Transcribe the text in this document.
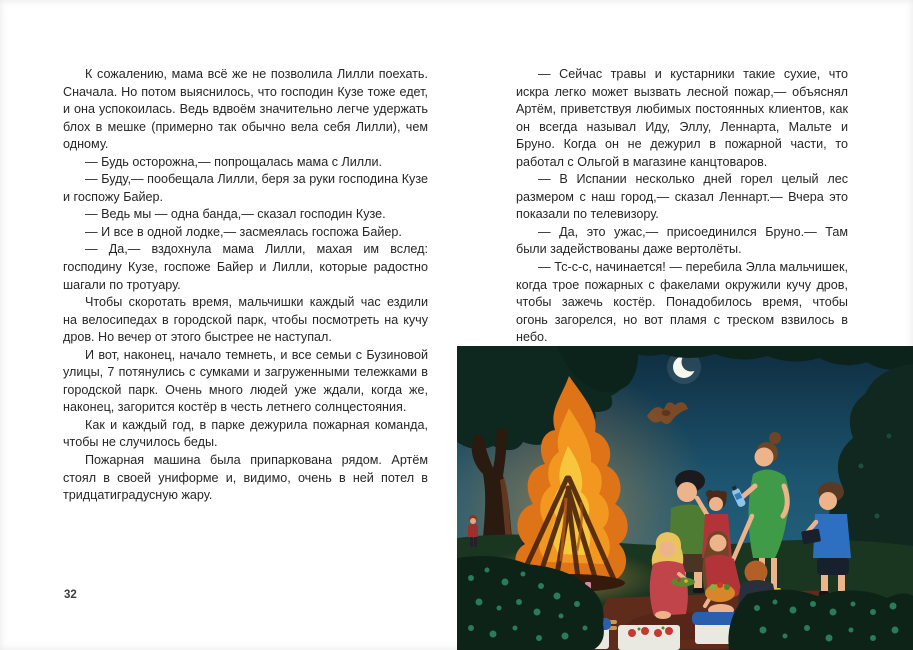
К сожалению, мама всё же не позволила Лилли поехать. Сначала. Но потом выяснилось, что господин Кузе тоже едет, и она успокоилась. Ведь вдвоём значительно легче удержать блох в мешке (примерно так обычно вела себя Лилли), чем одному.

— Будь осторожна,— попрощалась мама с Лилли.

— Буду,— пообещала Лилли, беря за руки господина Кузе и госпожу Байер.

— Ведь мы — одна банда,— сказал господин Кузе.

— И все в одной лодке,— засмеялась госпожа Байер.

— Да,— вздохнула мама Лилли, махая им вслед: господину Кузе, госпоже Байер и Лилли, которые радостно шагали по тротуару.

Чтобы скоротать время, мальчишки каждый час ездили на велосипедах в городской парк, чтобы посмотреть на кучу дров. Но вечер от этого быстрее не наступал.

И вот, наконец, начало темнеть, и все семьи с Бузиновой улицы, 7 потянулись с сумками и загруженными тележками в городской парк. Очень много людей уже ждали, когда же, наконец, загорится костёр в честь летнего солнцестояния.

Как и каждый год, в парке дежурила пожарная команда, чтобы не случилось беды.

Пожарная машина была припаркована рядом. Артём стоял в своей униформе и, видимо, очень в ней потел в тридцатиградусную жару.

32

— Сейчас травы и кустарники такие сухие, что искра легко может вызвать лесной пожар,— объяснял Артём, приветствуя любимых постоянных клиентов, как он всегда называл Иду, Эллу, Леннарта, Мальте и Бруно. Когда он не дежурил в пожарной части, то работал с Ольгой в магазине канцтоваров.

— В Испании несколько дней горел целый лес размером с наш город,— сказал Леннарт.— Вчера это показали по телевизору.

— Да, это ужас,— присоединился Бруно.— Там были задействованы даже вертолёты.

— Тс-с-с, начинается! — перебила Элла мальчишек, когда трое пожарных с факелами окружили кучу дров, чтобы зажечь костёр. Понадобилось время, чтобы огонь загорелся, но вот пламя с треском взвилось в небо.
